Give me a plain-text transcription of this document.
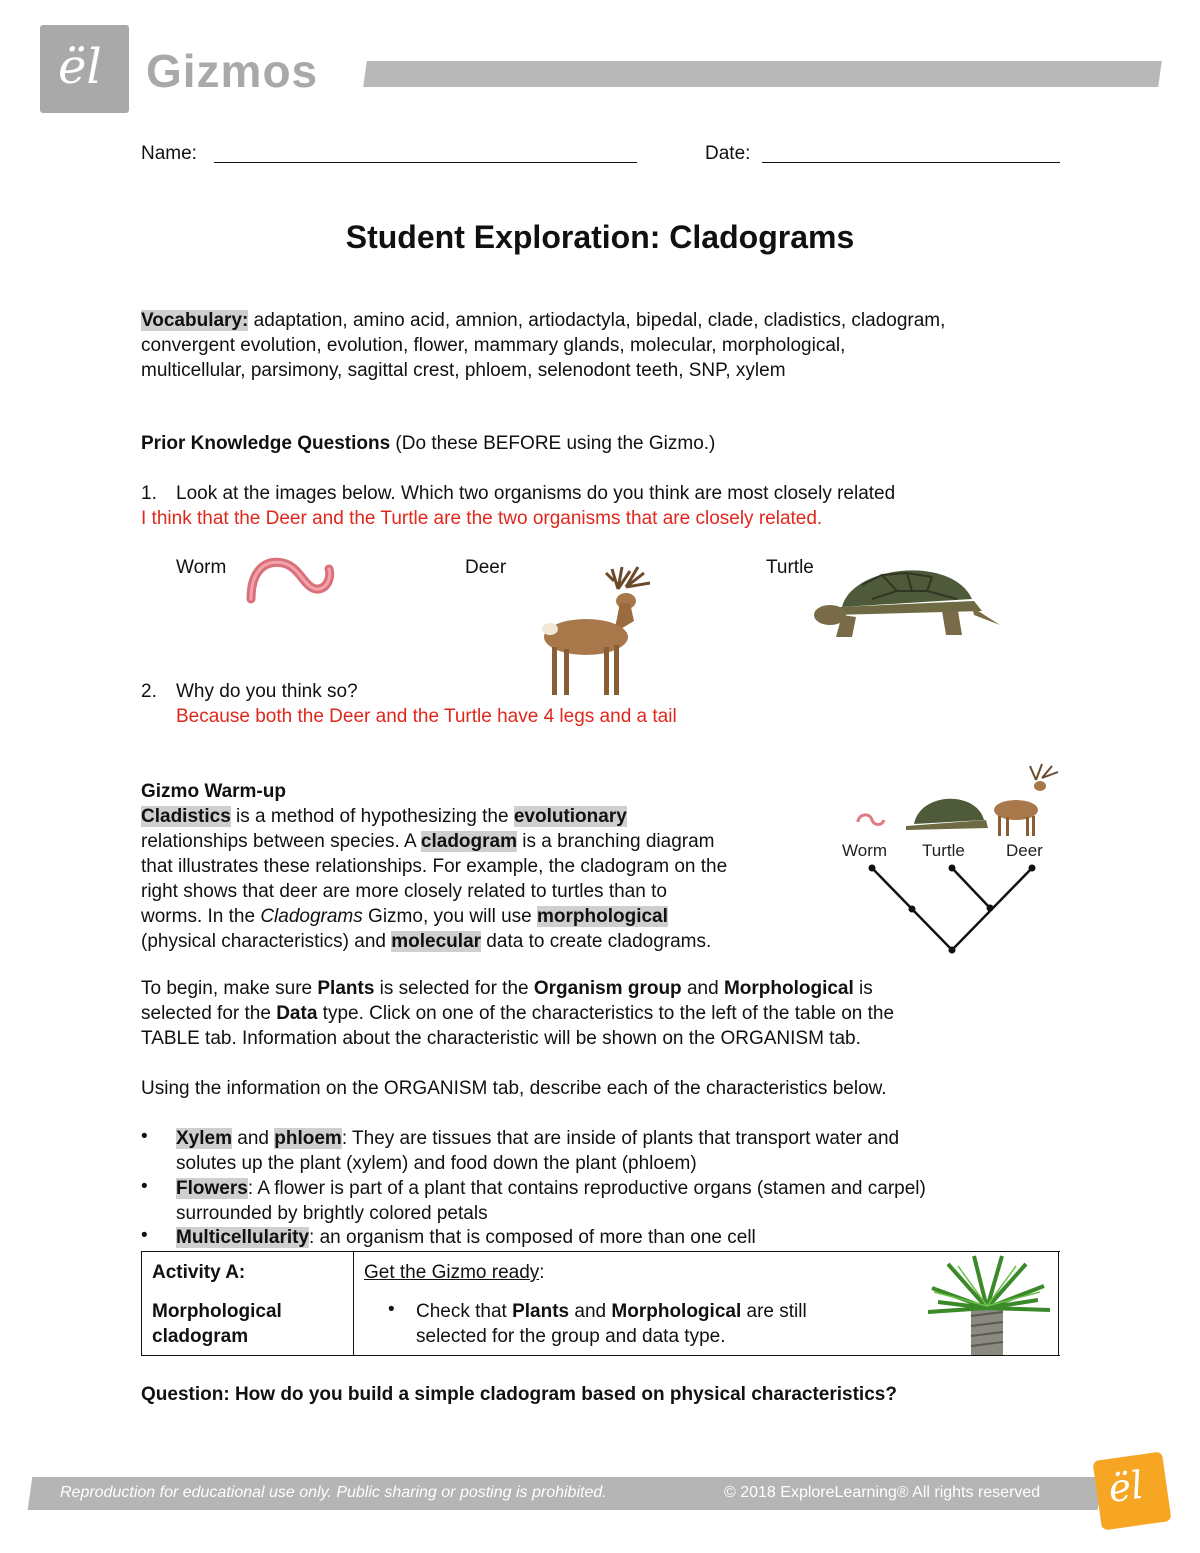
ël Gizmos
Name:	Date:
Student Exploration: Cladograms
Vocabulary: adaptation, amino acid, amnion, artiodactyla, bipedal, clade, cladistics, cladogram,
convergent evolution, evolution, flower, mammary glands, molecular, morphological,
multicellular, parsimony, sagittal crest, phloem, selenodont teeth, SNP, xylem
Prior Knowledge Questions (Do these BEFORE using the Gizmo.)
1. Look at the images below. Which two organisms do you think are most closely related
I think that the Deer and the Turtle are the two organisms that are closely related.
Worm	Deer	Turtle
2. Why do you think so?
Because both the Deer and the Turtle have 4 legs and a tail
Gizmo Warm-up
Cladistics is a method of hypothesizing the evolutionary
relationships between species. A cladogram is a branching diagram
that illustrates these relationships. For example, the cladogram on the
right shows that deer are more closely related to turtles than to
worms. In the Cladograms Gizmo, you will use morphological
(physical characteristics) and molecular data to create cladograms.
Worm Turtle Deer
To begin, make sure Plants is selected for the Organism group and Morphological is
selected for the Data type. Click on one of the characteristics to the left of the table on the
TABLE tab. Information about the characteristic will be shown on the ORGANISM tab.
Using the information on the ORGANISM tab, describe each of the characteristics below.
• Xylem and phloem: They are tissues that are inside of plants that transport water and
solutes up the plant (xylem) and food down the plant (phloem)
• Flowers: A flower is part of a plant that contains reproductive organs (stamen and carpel)
surrounded by brightly colored petals
• Multicellularity: an organism that is composed of more than one cell
Activity A:
Morphological
cladogram
Get the Gizmo ready:
• Check that Plants and Morphological are still
selected for the group and data type.
Question: How do you build a simple cladogram based on physical characteristics?
Reproduction for educational use only. Public sharing or posting is prohibited.	© 2018 ExploreLearning® All rights reserved ël
